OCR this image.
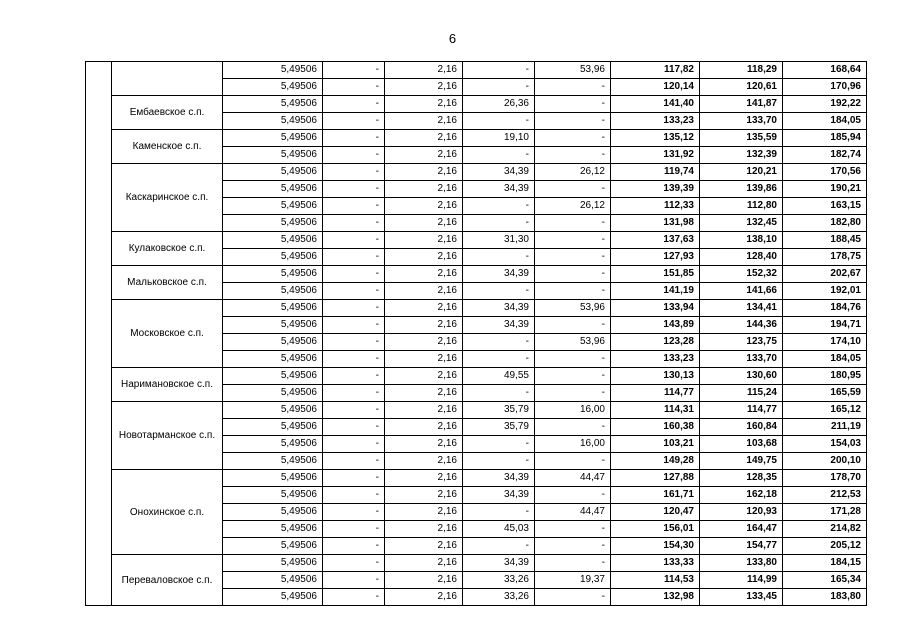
6
		5,49506	-	2,16	-	53,96	117,82	118,29	168,64
		5,49506	-	2,16	-	-	120,14	120,61	170,96
	Ембаевское с.п.	5,49506	-	2,16	26,36	-	141,40	141,87	192,22
		5,49506	-	2,16	-	-	133,23	133,70	184,05
	Каменское с.п.	5,49506	-	2,16	19,10	-	135,12	135,59	185,94
		5,49506	-	2,16	-	-	131,92	132,39	182,74
	Каскаринское с.п.	5,49506	-	2,16	34,39	26,12	119,74	120,21	170,56
		5,49506	-	2,16	34,39	-	139,39	139,86	190,21
		5,49506	-	2,16	-	26,12	112,33	112,80	163,15
		5,49506	-	2,16	-	-	131,98	132,45	182,80
	Кулаковское с.п.	5,49506	-	2,16	31,30	-	137,63	138,10	188,45
		5,49506	-	2,16	-	-	127,93	128,40	178,75
	Мальковское с.п.	5,49506	-	2,16	34,39	-	151,85	152,32	202,67
		5,49506	-	2,16	-	-	141,19	141,66	192,01
	Московское с.п.	5,49506	-	2,16	34,39	53,96	133,94	134,41	184,76
		5,49506	-	2,16	34,39	-	143,89	144,36	194,71
		5,49506	-	2,16	-	53,96	123,28	123,75	174,10
		5,49506	-	2,16	-	-	133,23	133,70	184,05
	Наримановское с.п.	5,49506	-	2,16	49,55	-	130,13	130,60	180,95
		5,49506	-	2,16	-	-	114,77	115,24	165,59
	Новотарманское с.п.	5,49506	-	2,16	35,79	16,00	114,31	114,77	165,12
		5,49506	-	2,16	35,79	-	160,38	160,84	211,19
		5,49506	-	2,16	-	16,00	103,21	103,68	154,03
		5,49506	-	2,16	-	-	149,28	149,75	200,10
	Онохинское с.п.	5,49506	-	2,16	34,39	44,47	127,88	128,35	178,70
		5,49506	-	2,16	34,39	-	161,71	162,18	212,53
		5,49506	-	2,16	-	44,47	120,47	120,93	171,28
		5,49506	-	2,16	45,03	-	156,01	164,47	214,82
		5,49506	-	2,16	-	-	154,30	154,77	205,12
	Переваловское с.п.	5,49506	-	2,16	34,39	-	133,33	133,80	184,15
		5,49506	-	2,16	33,26	19,37	114,53	114,99	165,34
		5,49506	-	2,16	33,26	-	132,98	133,45	183,80
